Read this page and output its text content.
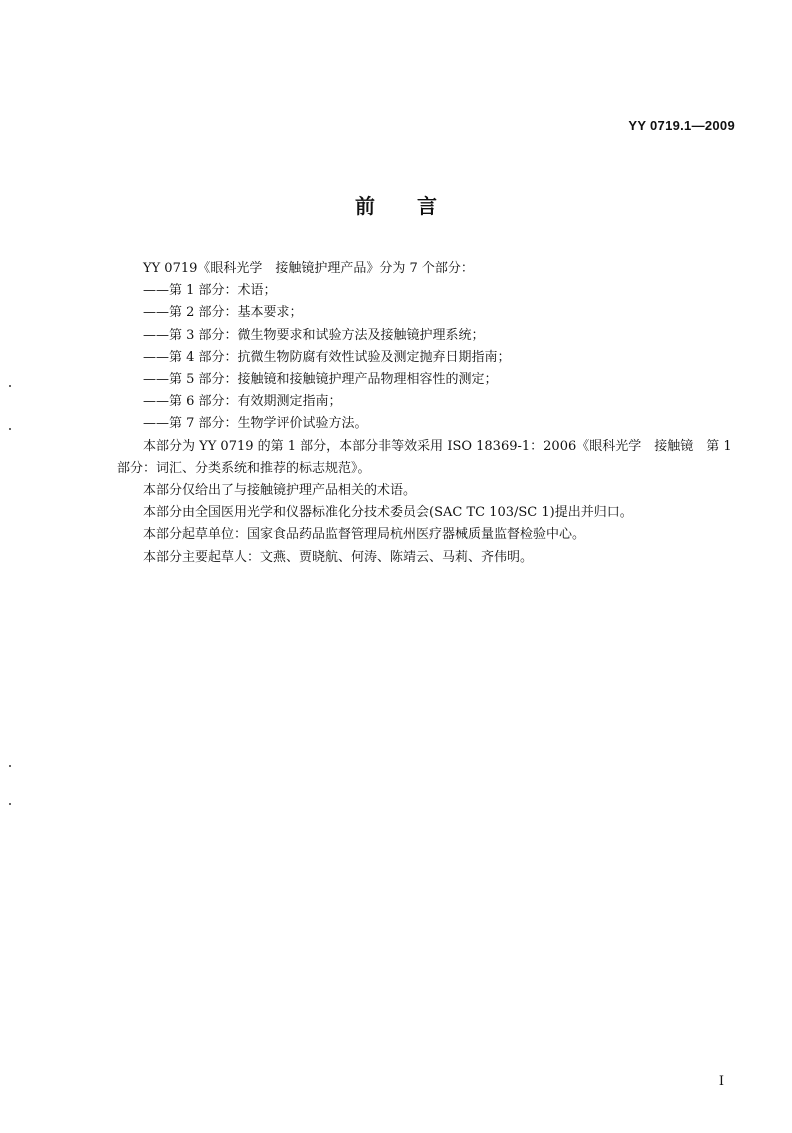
YY 0719.1—2009
前言

YY 0719《眼科光学　接触镜护理产品》分为 7 个部分：

——第 1 部分：术语；

——第 2 部分：基本要求；

——第 3 部分：微生物要求和试验方法及接触镜护理系统；

——第 4 部分：抗微生物防腐有效性试验及测定抛弃日期指南；

——第 5 部分：接触镜和接触镜护理产品物理相容性的测定；

——第 6 部分：有效期测定指南；

——第 7 部分：生物学评价试验方法。

本部分为 YY 0719 的第 1 部分，本部分非等效采用 ISO 18369-1：2006《眼科光学　接触镜　第 1 部分：词汇、分类系统和推荐的标志规范》。

本部分仅给出了与接触镜护理产品相关的术语。

本部分由全国医用光学和仪器标准化分技术委员会(SAC TC 103/SC 1)提出并归口。

本部分起草单位：国家食品药品监督管理局杭州医疗器械质量监督检验中心。

本部分主要起草人：文燕、贾晓航、何涛、陈靖云、马莉、齐伟明。

I
